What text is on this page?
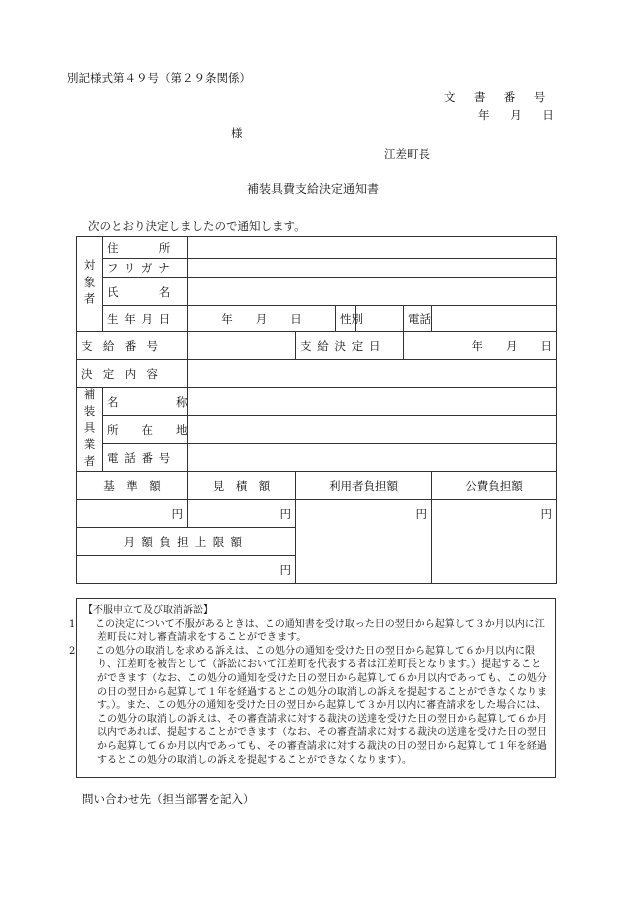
別記様式第４９号（第２９条関係）
文　書　番　号
年　月　日
様
江差町長
補装具費支給決定通知書
次のとおり決定しましたので通知します。
対象者	住　　所						
	フリガナ						
	氏　　名						
	生年月日	年　　月　　日		性別		電話	
支給番号			支給決定日			年　　月　　日	
決定内容							
補装具業者	名　　　称						
	所　在　地						
	電話番号						
基　準　額		見　積　額	利用者負担額				公費負担額
円		円	円				円
月額負担上限額							
円							

【不服申立て及び取消訴訟】

1 この決定について不服があるときは、この通知書を受け取った日の翌日から起算して３か月以内に江差町長に対し審査請求をすることができます。

2 この処分の取消しを求める訴えは、この処分の通知を受けた日の翌日から起算して６か月以内に限り、江差町を被告として（訴訟において江差町を代表する者は江差町長となります。）提起することができます（なお、この処分の通知を受けた日の翌日から起算して６か月以内であっても、この処分の日の翌日から起算して１年を経過するとこの処分の取消しの訴えを提起することができなくなります。）。また、この処分の通知を受けた日の翌日から起算して３か月以内に審査請求をした場合には、この処分の取消しの訴えは、その審査請求に対する裁決の送達を受けた日の翌日から起算して６か月以内であれば、提起することができます（なお、その審査請求に対する裁決の送達を受けた日の翌日から起算して６か月以内であっても、その審査請求に対する裁決の日の翌日から起算して１年を経過するとこの処分の取消しの訴えを提起することができなくなります）。

問い合わせ先（担当部署を記入）
